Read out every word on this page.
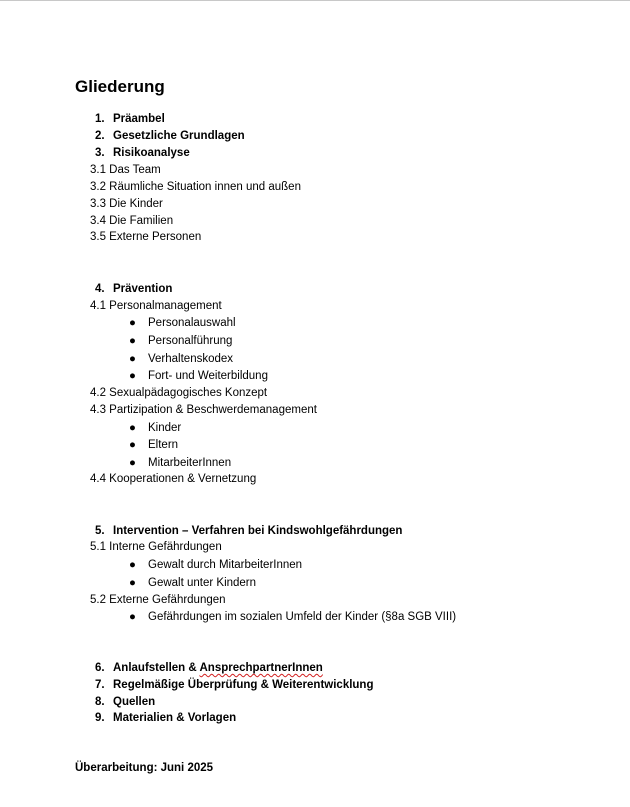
Gliederung
1. Präambel
2. Gesetzliche Grundlagen
3. Risikoanalyse
3.1 Das Team
3.2 Räumliche Situation innen und außen
3.3 Die Kinder
3.4 Die Familien
3.5 Externe Personen
4. Prävention
4.1 Personalmanagement
● Personalauswahl
● Personalführung
● Verhaltenskodex
● Fort- und Weiterbildung
4.2 Sexualpädagogisches Konzept
4.3 Partizipation & Beschwerdemanagement
● Kinder
● Eltern
● MitarbeiterInnen
4.4 Kooperationen & Vernetzung
5. Intervention – Verfahren bei Kindswohlgefährdungen
5.1 Interne Gefährdungen
● Gewalt durch MitarbeiterInnen
● Gewalt unter Kindern
5.2 Externe Gefährdungen
● Gefährdungen im sozialen Umfeld der Kinder (§8a SGB VIII)
6. Anlaufstellen & AnsprechpartnerInnen
7. Regelmäßige Überprüfung & Weiterentwicklung
8. Quellen
9. Materialien & Vorlagen
Überarbeitung: Juni 2025
